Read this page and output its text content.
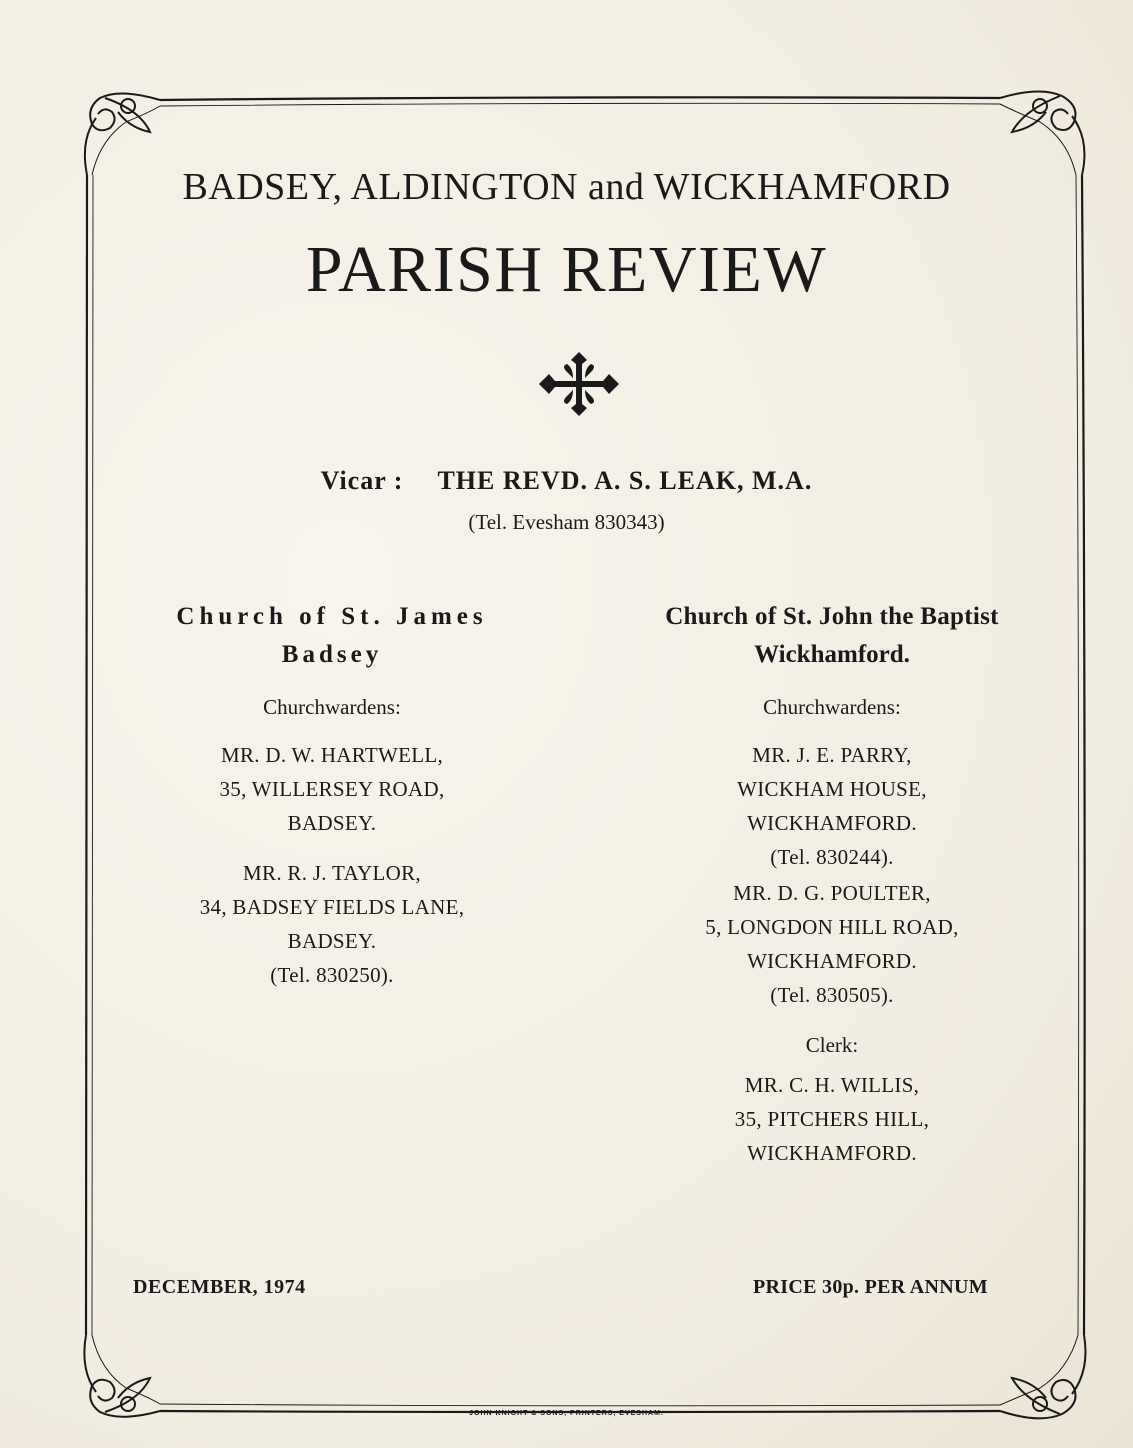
BADSEY, ALDINGTON and WICKHAMFORD
PARISH REVIEW
Vicar : THE REVD. A. S. LEAK, M.A.
(Tel. Evesham 830343)
Church of St. James
Badsey
Churchwardens:
MR. D. W. HARTWELL,
35, WILLERSEY ROAD,
BADSEY.
MR. R. J. TAYLOR,
34, BADSEY FIELDS LANE,
BADSEY.
(Tel. 830250).
Church of St. John the Baptist
Wickhamford.
Churchwardens:
MR. J. E. PARRY,
WICKHAM HOUSE,
WICKHAMFORD.
(Tel. 830244).
MR. D. G. POULTER,
5, LONGDON HILL ROAD,
WICKHAMFORD.
(Tel. 830505).
Clerk:
MR. C. H. WILLIS,
35, PITCHERS HILL,
WICKHAMFORD.
DECEMBER, 1974	PRICE 30p. PER ANNUM
JOHN KNIGHT & SONS, PRINTERS, EVESHAM.
